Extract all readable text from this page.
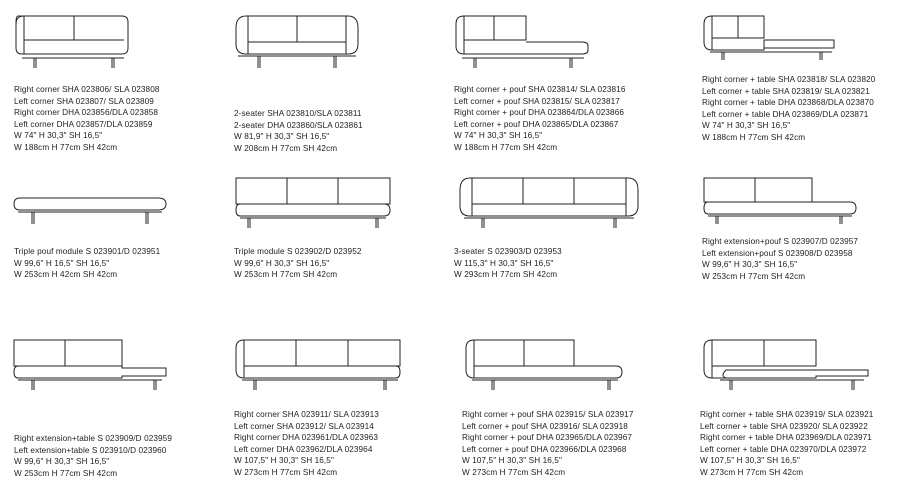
Right corner SHA 023806/ SLA 023808
Left corner SHA 023807/ SLA 023809
Right corner DHA 023856/DLA 023858
Left corner DHA 023857/DLA 023859
W 74" H 30,3" SH 16,5"
W 188cm H 77cm SH 42cm
2-seater SHA 023810/SLA 023811
2-seater DHA 023860/SLA 023861
W 81,9" H 30,3" SH 16,5"
W 208cm H 77cm SH 42cm
Right corner + pouf SHA 023814/ SLA 023816
Left corner + pouf SHA 023815/ SLA 023817
Right corner + pouf DHA 023864/DLA 023866
Left corner + pouf DHA 023865/DLA 023867
W 74" H 30,3" SH 16,5"
W 188cm H 77cm SH 42cm
Right corner + table SHA 023818/ SLA 023820
Left corner + table SHA 023819/ SLA 023821
Right corner + table DHA 023868/DLA 023870
Left corner + table DHA 023869/DLA 023871
W 74" H 30,3" SH 16,5"
W 188cm H 77cm SH 42cm
Triple pouf module S 023901/D 023951
W 99,6" H 16,5" SH 16,5"
W 253cm H 42cm SH 42cm
Triple module S 023902/D 023952
W 99,6" H 30,3" SH 16,5"
W 253cm H 77cm SH 42cm
3-seater S 023903/D 023953
W 115,3" H 30,3" SH 16,5"
W 293cm H 77cm SH 42cm
Right extension+pouf S 023907/D 023957
Left extension+pouf S 023908/D 023958
W 99,6" H 30,3" SH 16,5"
W 253cm H 77cm SH 42cm
Right extension+table S 023909/D 023959
Left extension+table S 023910/D 023960
W 99,6" H 30,3" SH 16,5"
W 253cm H 77cm SH 42cm
Right corner SHA 023911/ SLA 023913
Left corner SHA 023912/ SLA 023914
Right corner DHA 023961/DLA 023963
Left corner DHA 023962/DLA 023964
W 107,5" H 30,3" SH 16,5"
W 273cm H 77cm SH 42cm
Right corner + pouf SHA 023915/ SLA 023917
Left corner + pouf SHA 023916/ SLA 023918
Right corner + pouf DHA 023965/DLA 023967
Left corner + pouf DHA 023966/DLA 023968
W 107,5" H 30,3" SH 16,5"
W 273cm H 77cm SH 42cm
Right corner + table SHA 023919/ SLA 023921
Left corner + table SHA 023920/ SLA 023922
Right corner + table DHA 023969/DLA 023971
Left corner + table DHA 023970/DLA 023972
W 107,5" H 30,3" SH 16,5"
W 273cm H 77cm SH 42cm
